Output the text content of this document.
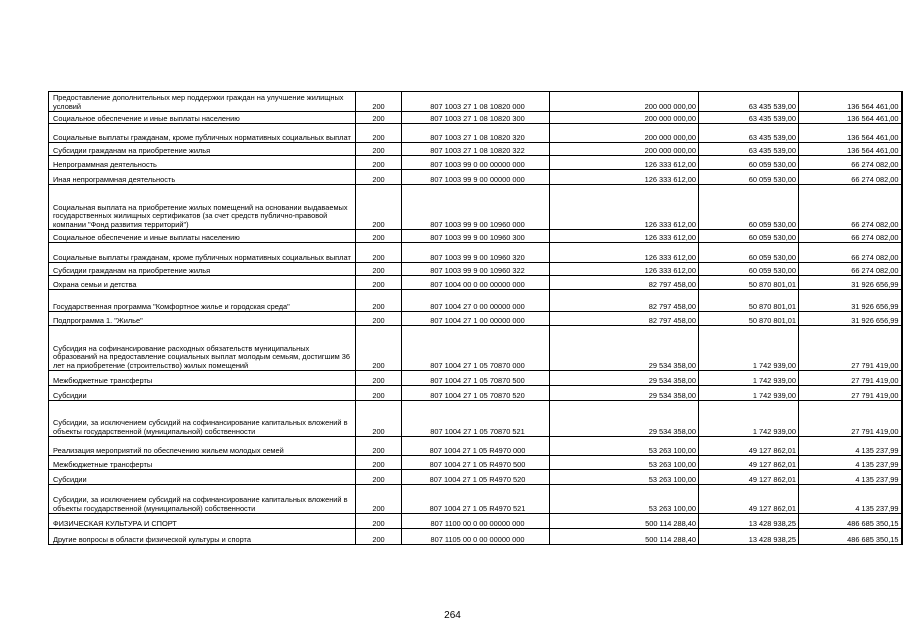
Предоставление дополнительных мер поддержки граждан на улучшение жилищных условий	200	807 1003 27 1 08 10820 000	200 000 000,00	63 435 539,00	136 564 461,00
Социальное обеспечение и иные выплаты населению	200	807 1003 27 1 08 10820 300	200 000 000,00	63 435 539,00	136 564 461,00
Социальные выплаты гражданам, кроме публичных нормативных социальных выплат	200	807 1003 27 1 08 10820 320	200 000 000,00	63 435 539,00	136 564 461,00
Субсидии гражданам на приобретение жилья	200	807 1003 27 1 08 10820 322	200 000 000,00	63 435 539,00	136 564 461,00
Непрограммная деятельность	200	807 1003 99 0 00 00000 000	126 333 612,00	60 059 530,00	66 274 082,00
Иная непрограммная деятельность	200	807 1003 99 9 00 00000 000	126 333 612,00	60 059 530,00	66 274 082,00
Социальная выплата на приобретение жилых помещений на основании выдаваемых государственных жилищных сертификатов (за счет средств публично-правовой компании "Фонд развития территорий")	200	807 1003 99 9 00 10960 000	126 333 612,00	60 059 530,00	66 274 082,00
Социальное обеспечение и иные выплаты населению	200	807 1003 99 9 00 10960 300	126 333 612,00	60 059 530,00	66 274 082,00
Социальные выплаты гражданам, кроме публичных нормативных социальных выплат	200	807 1003 99 9 00 10960 320	126 333 612,00	60 059 530,00	66 274 082,00
Субсидии гражданам на приобретение жилья	200	807 1003 99 9 00 10960 322	126 333 612,00	60 059 530,00	66 274 082,00
Охрана семьи и детства	200	807 1004 00 0 00 00000 000	82 797 458,00	50 870 801,01	31 926 656,99
Государственная программа "Комфортное жилье и городская среда"	200	807 1004 27 0 00 00000 000	82 797 458,00	50 870 801,01	31 926 656,99
Подпрограмма 1. "Жилье"	200	807 1004 27 1 00 00000 000	82 797 458,00	50 870 801,01	31 926 656,99
Субсидия на софинансирование расходных обязательств муниципальных образований на предоставление социальных выплат молодым семьям, достигшим 36 лет на приобретение (строительство) жилых помещений	200	807 1004 27 1 05 70870 000	29 534 358,00	1 742 939,00	27 791 419,00
Межбюджетные трансферты	200	807 1004 27 1 05 70870 500	29 534 358,00	1 742 939,00	27 791 419,00
Субсидии	200	807 1004 27 1 05 70870 520	29 534 358,00	1 742 939,00	27 791 419,00
Субсидии, за исключением субсидий на софинансирование капитальных вложений в объекты государственной (муниципальной) собственности	200	807 1004 27 1 05 70870 521	29 534 358,00	1 742 939,00	27 791 419,00
Реализация мероприятий по обеспечению жильем молодых семей	200	807 1004 27 1 05 R4970 000	53 263 100,00	49 127 862,01	4 135 237,99
Межбюджетные трансферты	200	807 1004 27 1 05 R4970 500	53 263 100,00	49 127 862,01	4 135 237,99
Субсидии	200	807 1004 27 1 05 R4970 520	53 263 100,00	49 127 862,01	4 135 237,99
Субсидии, за исключением субсидий на софинансирование капитальных вложений в объекты государственной (муниципальной) собственности	200	807 1004 27 1 05 R4970 521	53 263 100,00	49 127 862,01	4 135 237,99
ФИЗИЧЕСКАЯ КУЛЬТУРА И СПОРТ	200	807 1100 00 0 00 00000 000	500 114 288,40	13 428 938,25	486 685 350,15
Другие вопросы в области физической культуры и спорта	200	807 1105 00 0 00 00000 000	500 114 288,40	13 428 938,25	486 685 350,15
264
